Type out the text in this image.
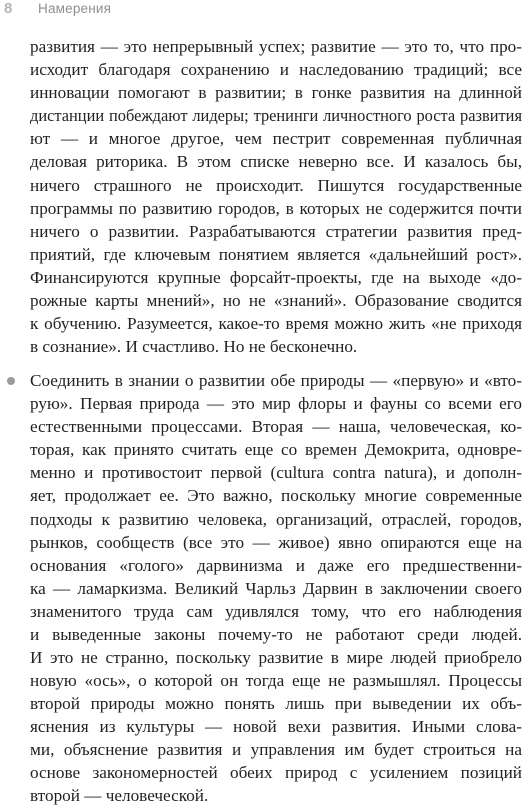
8	Намерения
развития — это непрерывный успех; развитие — это то, что про-
исходит благодаря сохранению и наследованию традиций; все
инновации помогают в развитии; в гонке развития на длинной
дистанции побеждают лидеры; тренинги личностного роста развития
ют — и многое другое, чем пестрит современная публичная
деловая риторика. В этом списке неверно все. И казалось бы,
ничего страшного не происходит. Пишутся государственные
программы по развитию городов, в которых не содержится почти
ничего о развитии. Разрабатываются стратегии развития пред-
приятий, где ключевым понятием является «дальнейший рост».
Финансируются крупные форсайт-проекты, где на выходе «до-
рожные карты мнений», но не «знаний». Образование сводится
к обучению. Разумеется, какое-то время можно жить «не приходя
в сознание». И счастливо. Но не бесконечно.
Соединить в знании о развитии обе природы — «первую» и «вто-
рую». Первая природа — это мир флоры и фауны со всеми его
естественными процессами. Вторая — наша, человеческая, ко-
торая, как принято считать еще со времен Демокрита, одновре-
менно и противостоит первой (cultura contra natura), и дополн-
яет, продолжает ее. Это важно, поскольку многие современные
подходы к развитию человека, организаций, отраслей, городов,
рынков, сообществ (все это — живое) явно опираются еще на
основания «голого» дарвинизма и даже его предшественни-
ка — ламаркизма. Великий Чарльз Дарвин в заключении своего
знаменитого труда сам удивлялся тому, что его наблюдения
и выведенные законы почему-то не работают среди людей.
И это не странно, поскольку развитие в мире людей приобрело
новую «ось», о которой он тогда еще не размышлял. Процессы
второй природы можно понять лишь при выведении их объ-
яснения из культуры — новой вехи развития. Иными слова-
ми, объяснение развития и управления им будет строиться на
основе закономерностей обеих природ с усилением позиций
второй — человеческой.
